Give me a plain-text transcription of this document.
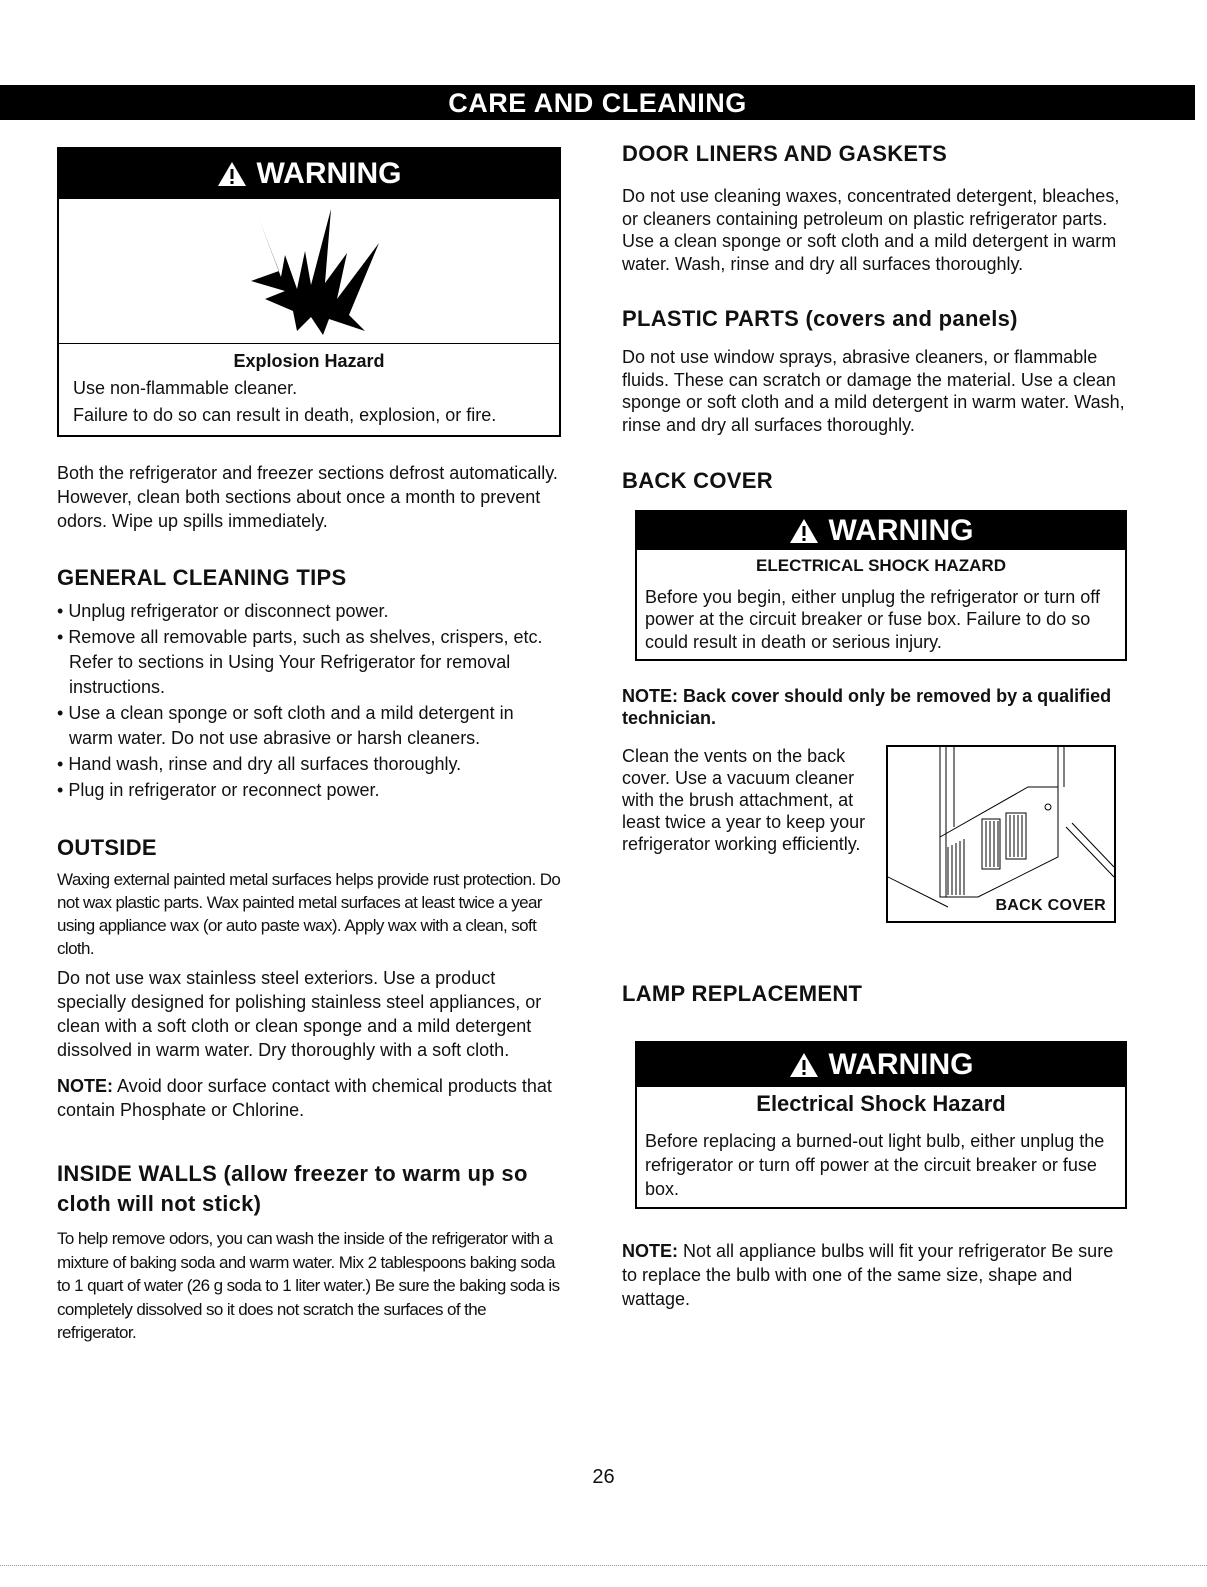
CARE AND CLEANING
WARNING
Explosion Hazard
Use non-flammable cleaner.
Failure to do so can result in death, explosion, or fire.

Both the refrigerator and freezer sections defrost automatically. However, clean both sections about once a month to prevent odors. Wipe up spills immediately.

GENERAL CLEANING TIPS
• Unplug refrigerator or disconnect power.
• Remove all removable parts, such as shelves, crispers, etc. Refer to sections in Using Your Refrigerator for removal instructions.
• Use a clean sponge or soft cloth and a mild detergent in warm water. Do not use abrasive or harsh cleaners.
• Hand wash, rinse and dry all surfaces thoroughly.
• Plug in refrigerator or reconnect power.
OUTSIDE

Waxing external painted metal surfaces helps provide rust protection. Do not wax plastic parts. Wax painted metal surfaces at least twice a year using appliance wax (or auto paste wax). Apply wax with a clean, soft cloth.

Do not use wax stainless steel exteriors. Use a product specially designed for polishing stainless steel appliances, or clean with a soft cloth or clean sponge and a mild detergent dissolved in warm water. Dry thoroughly with a soft cloth.

NOTE: Avoid door surface contact with chemical products that contain Phosphate or Chlorine.

INSIDE WALLS (allow freezer to warm up so cloth will not stick)

To help remove odors, you can wash the inside of the refrigerator with a mixture of baking soda and warm water. Mix 2 tablespoons baking soda to 1 quart of water (26 g soda to 1 liter water.) Be sure the baking soda is completely dissolved so it does not scratch the surfaces of the refrigerator.

DOOR LINERS AND GASKETS

Do not use cleaning waxes, concentrated detergent, bleaches, or cleaners containing petroleum on plastic refrigerator parts.

Use a clean sponge or soft cloth and a mild detergent in warm water. Wash, rinse and dry all surfaces thoroughly.

PLASTIC PARTS (covers and panels)

Do not use window sprays, abrasive cleaners, or flammable fluids. These can scratch or damage the material. Use a clean sponge or soft cloth and a mild detergent in warm water. Wash, rinse and dry all surfaces thoroughly.

BACK COVER
WARNING
ELECTRICAL SHOCK HAZARD
Before you begin, either unplug the refrigerator or turn off power at the circuit breaker or fuse box. Failure to do so could result in death or serious injury.

NOTE: Back cover should only be removed by a qualified technician.

Clean the vents on the back cover. Use a vacuum cleaner with the brush attachment, at least twice a year to keep your refrigerator working efficiently.
BACK COVER
LAMP REPLACEMENT
WARNING
Electrical Shock Hazard
Before replacing a burned-out light bulb, either unplug the refrigerator or turn off power at the circuit breaker or fuse box.

NOTE: Not all appliance bulbs will fit your refrigerator Be sure to replace the bulb with one of the same size, shape and wattage.

26
